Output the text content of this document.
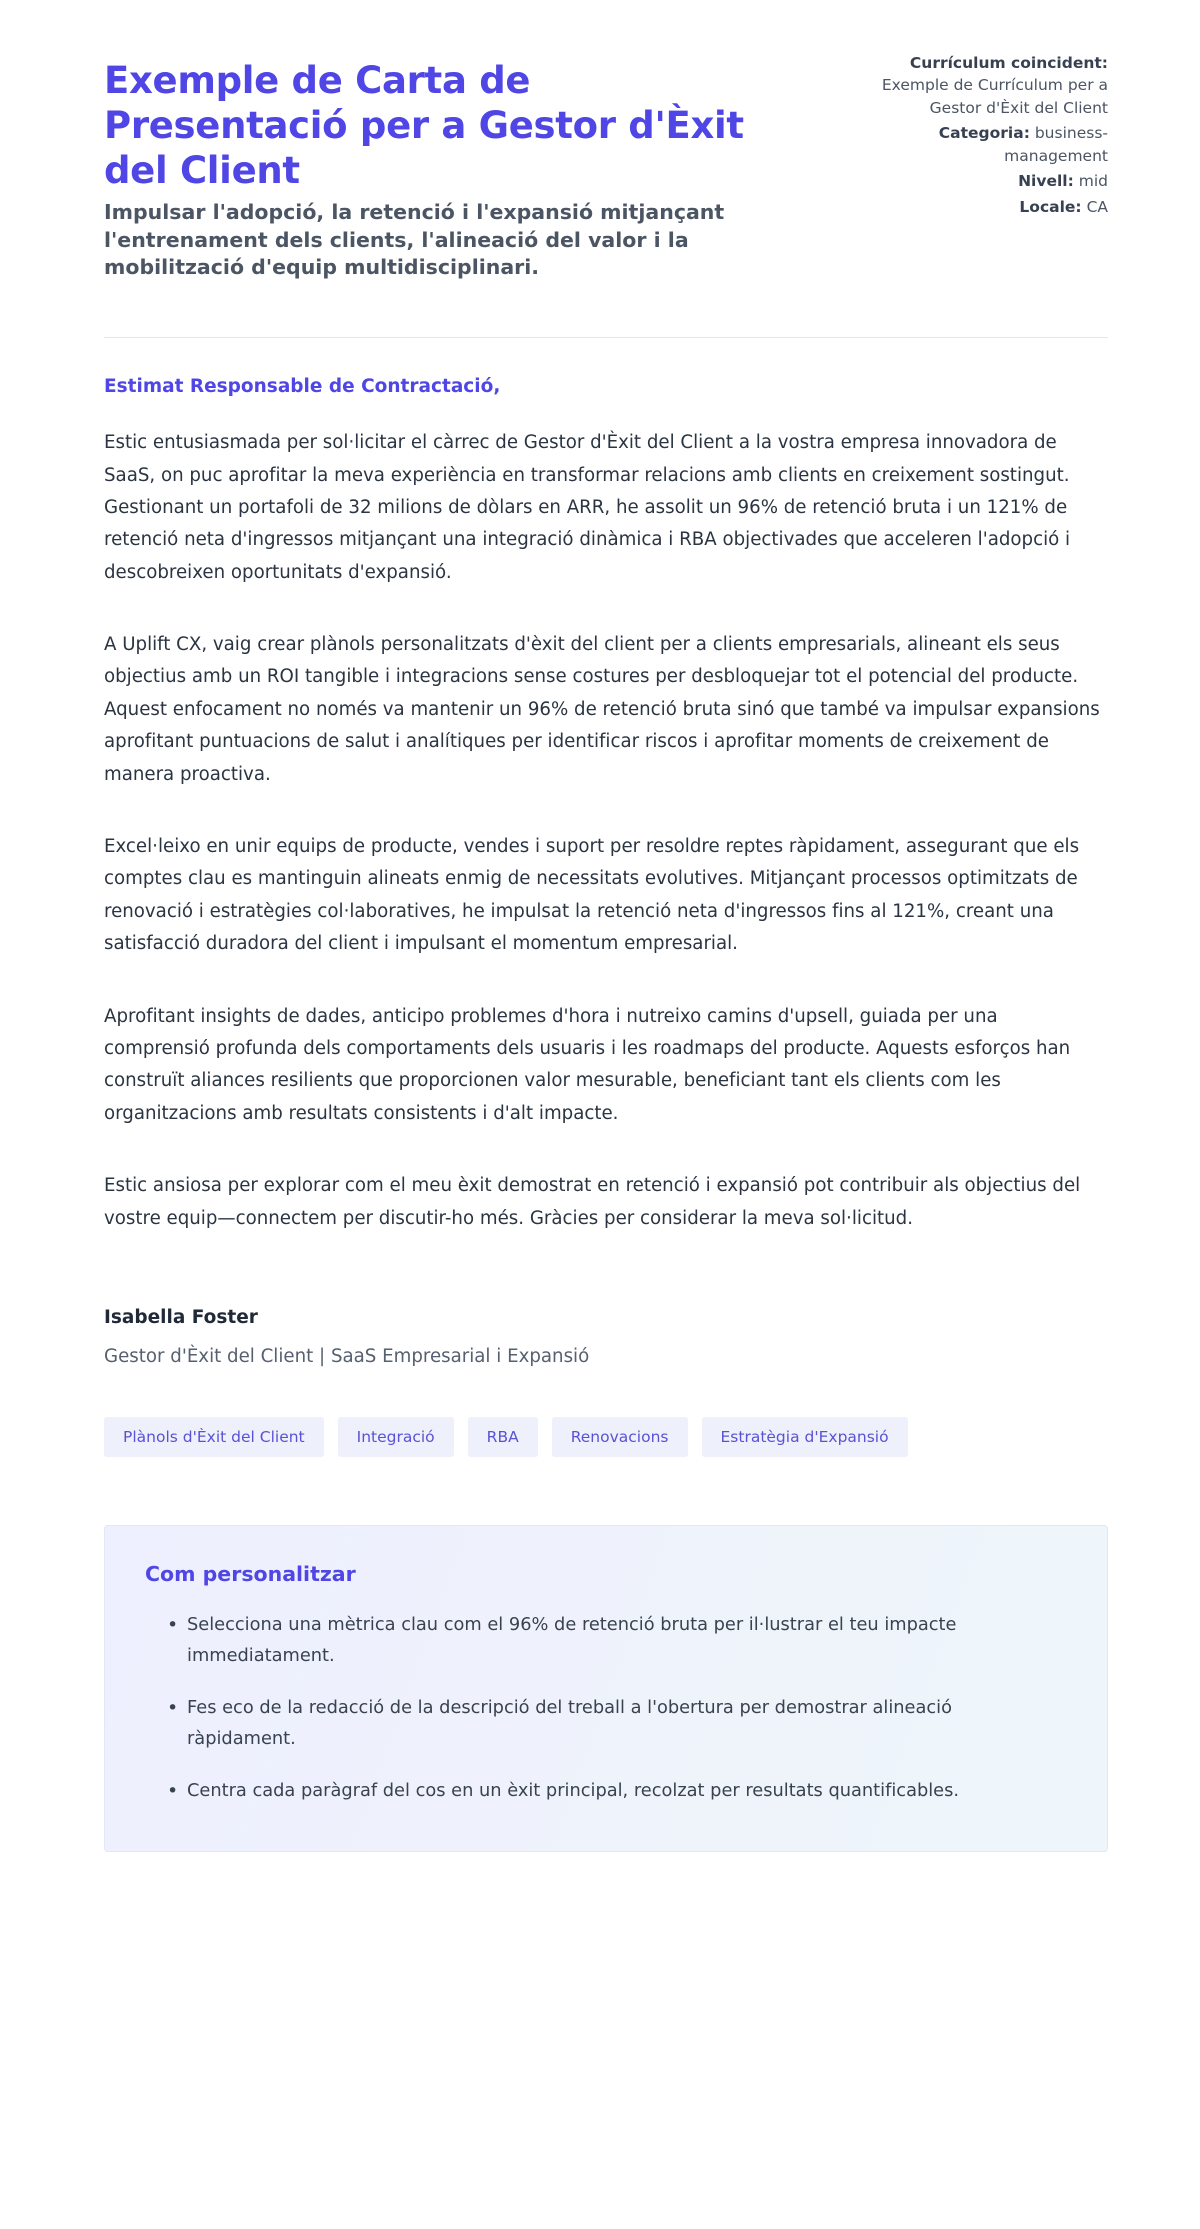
Exemple de Carta de Presentació per a Gestor d'Èxit del Client

Impulsar l'adopció, la retenció i l'expansió mitjançant l'entrenament dels clients, l'alineació del valor i la mobilització d'equip multidisciplinari.

Currículum coincident: Exemple de Currículum per a Gestor d'Èxit del Client
Categoria: business-management
Nivell: mid
Locale: CA

Estimat Responsable de Contractació,

Estic entusiasmada per sol·licitar el càrrec de Gestor d'Èxit del Client a la vostra empresa innovadora de SaaS, on puc aprofitar la meva experiència en transformar relacions amb clients en creixement sostingut. Gestionant un portafoli de 32 milions de dòlars en ARR, he assolit un 96% de retenció bruta i un 121% de retenció neta d'ingressos mitjançant una integració dinàmica i RBA objectivades que acceleren l'adopció i descobreixen oportunitats d'expansió.

A Uplift CX, vaig crear plànols personalitzats d'èxit del client per a clients empresarials, alineant els seus objectius amb un ROI tangible i integracions sense costures per desbloquejar tot el potencial del producte. Aquest enfocament no només va mantenir un 96% de retenció bruta sinó que també va impulsar expansions aprofitant puntuacions de salut i analítiques per identificar riscos i aprofitar moments de creixement de manera proactiva.

Excel·leixo en unir equips de producte, vendes i suport per resoldre reptes ràpidament, assegurant que els comptes clau es mantinguin alineats enmig de necessitats evolutives. Mitjançant processos optimitzats de renovació i estratègies col·laboratives, he impulsat la retenció neta d'ingressos fins al 121%, creant una satisfacció duradora del client i impulsant el momentum empresarial.

Aprofitant insights de dades, anticipo problemes d'hora i nutreixo camins d'upsell, guiada per una comprensió profunda dels comportaments dels usuaris i les roadmaps del producte. Aquests esforços han construït aliances resilients que proporcionen valor mesurable, beneficiant tant els clients com les organitzacions amb resultats consistents i d'alt impacte.

Estic ansiosa per explorar com el meu èxit demostrat en retenció i expansió pot contribuir als objectius del vostre equip—connectem per discutir-ho més. Gràcies per considerar la meva sol·licitud.

Isabella Foster

Gestor d'Èxit del Client | SaaS Empresarial i Expansió

Plànols d'Èxit del Client	Integració	RBA	Renovacions	Estratègia d'Expansió

Com personalitzar

• Selecciona una mètrica clau com el 96% de retenció bruta per il·lustrar el teu impacte immediatament.
• Fes eco de la redacció de la descripció del treball a l'obertura per demostrar alineació ràpidament.
• Centra cada paràgraf del cos en un èxit principal, recolzat per resultats quantificables.
